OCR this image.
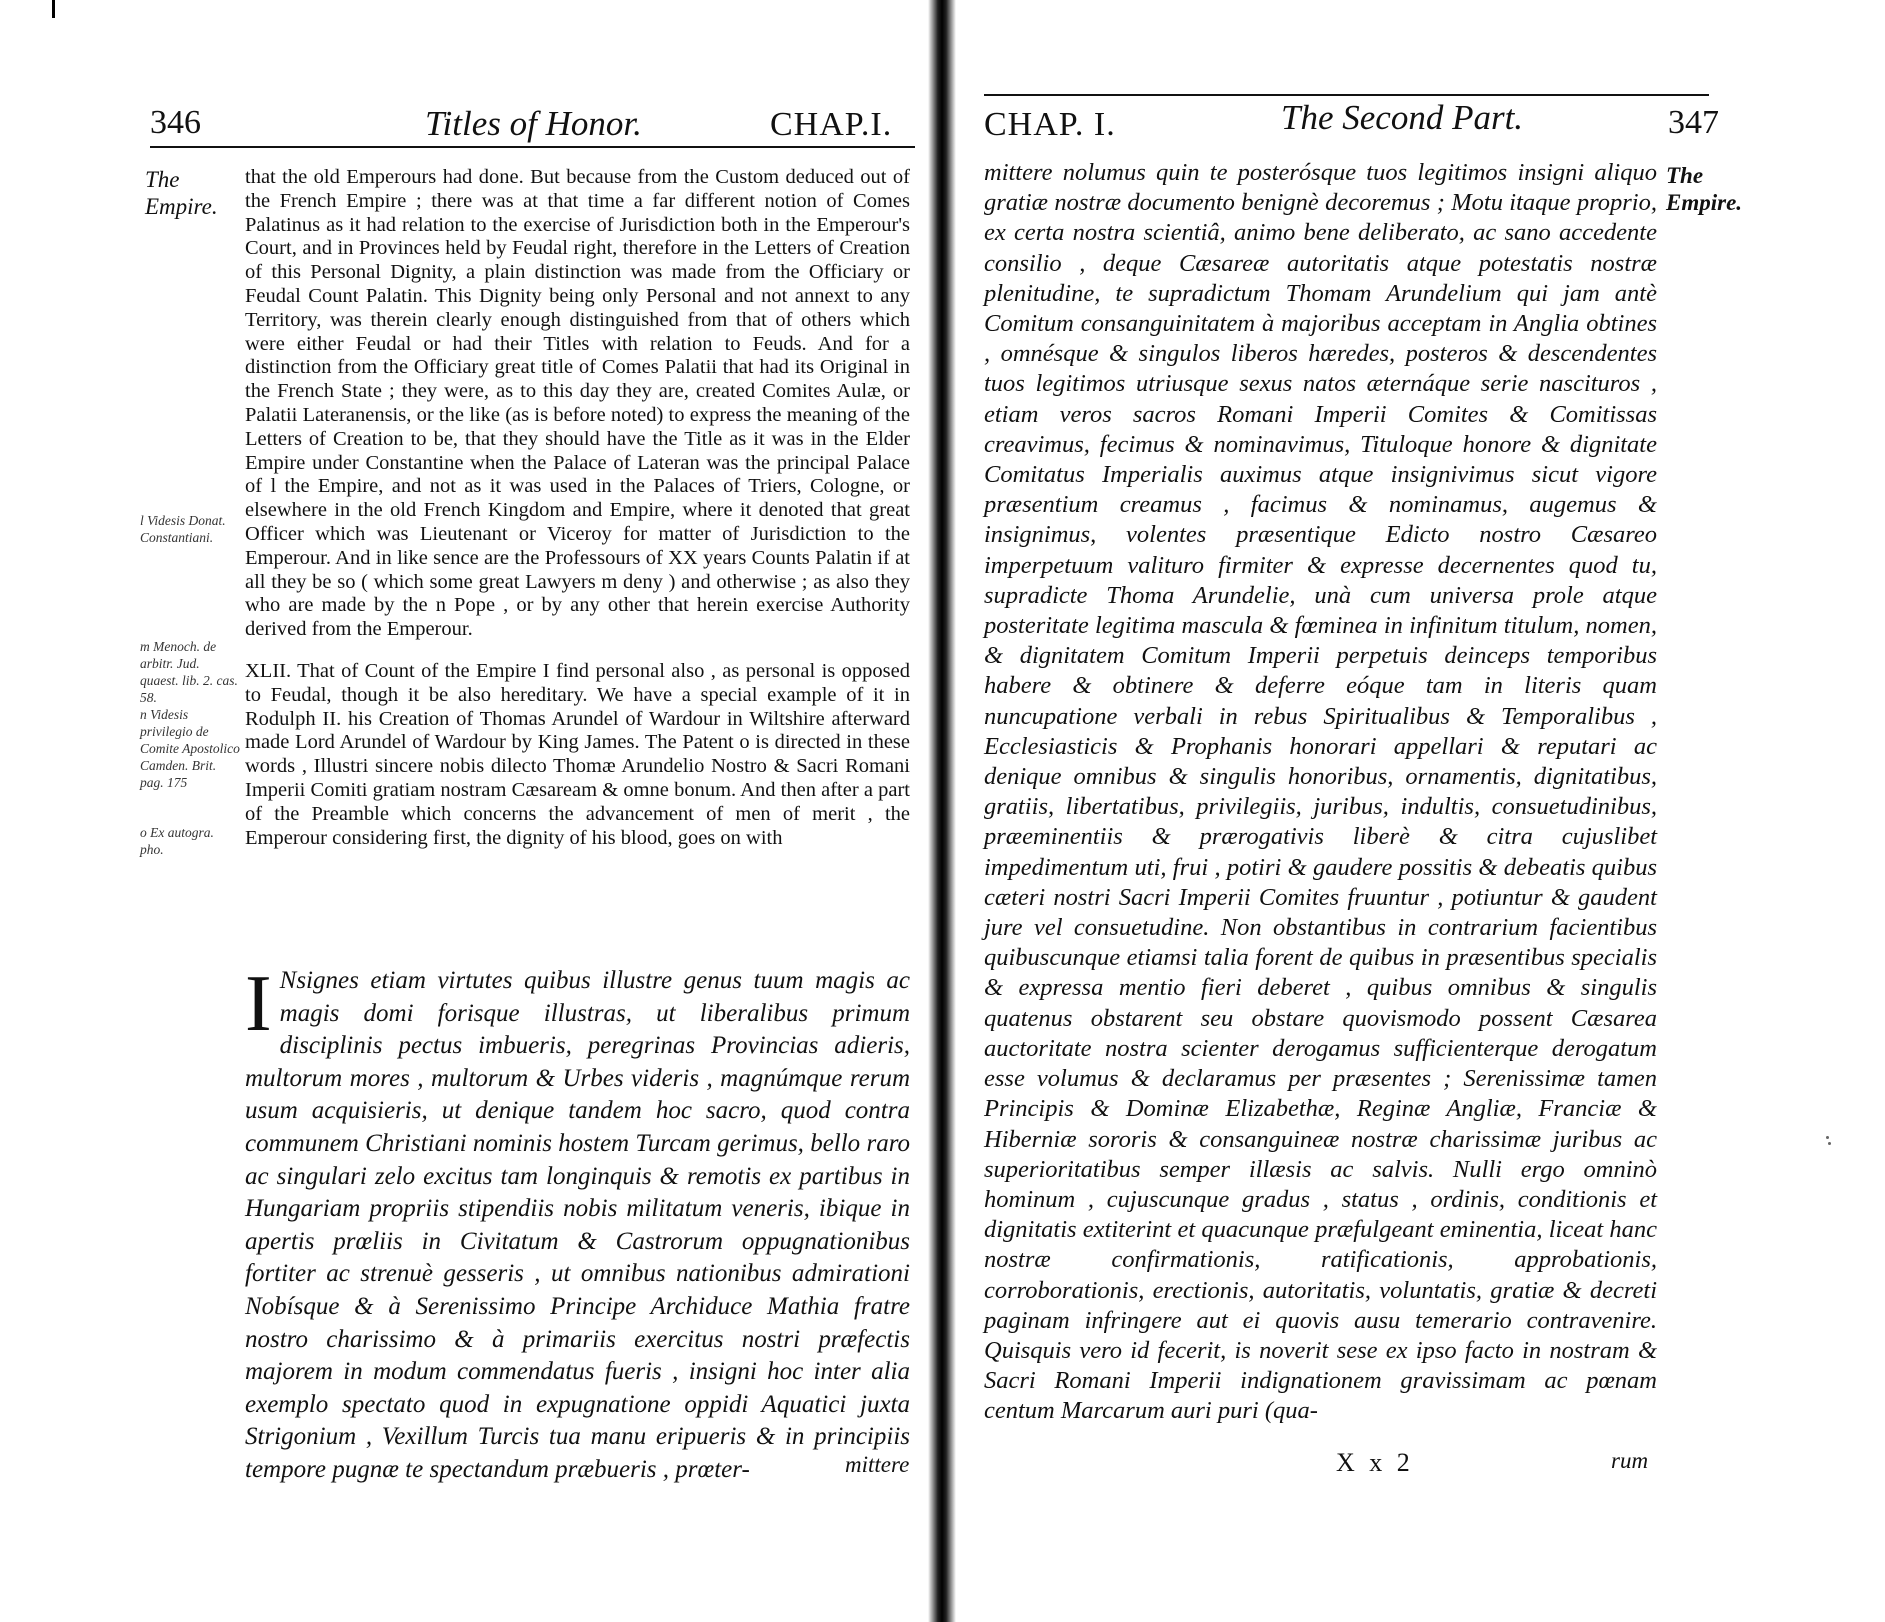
346	Titles of Honor.	CHAP.I.
The Empire.
l Videsis Donat. Constantiani.
m Menoch. de arbitr. Jud. quaest. lib. 2. cas. 58.
n Videsis privilegio de Comite Apostolico Camden. Brit. pag. 175
o Ex autogra. pho.

that the old Emperours had done. But because from the Custom deduced out of the French Empire ; there was at that time a far different notion of Comes Palatinus as it had relation to the exercise of Jurisdiction both in the Emperour's Court, and in Provinces held by Feudal right, therefore in the Letters of Creation of this Personal Dignity, a plain distinction was made from the Officiary or Feudal Count Palatin. This Dignity being only Personal and not annext to any Territory, was therein clearly enough distinguished from that of others which were either Feudal or had their Titles with relation to Feuds. And for a distinction from the Officiary great title of Comes Palatii that had its Original in the French State ; they were, as to this day they are, created Comites Aulæ, or Palatii Lateranensis, or the like (as is before noted) to express the meaning of the Letters of Creation to be, that they should have the Title as it was in the Elder Empire under Constantine when the Palace of Lateran was the principal Palace of l the Empire, and not as it was used in the Palaces of Triers, Cologne, or elsewhere in the old French Kingdom and Empire, where it denoted that great Officer which was Lieutenant or Viceroy for matter of Jurisdiction to the Emperour. And in like sence are the Professours of XX years Counts Palatin if at all they be so ( which some great Lawyers m deny ) and otherwise ; as also they who are made by the n Pope , or by any other that herein exercise Authority derived from the Emperour.

XLII. That of Count of the Empire I find personal also , as personal is opposed to Feudal, though it be also hereditary. We have a special example of it in Rodulph II. his Creation of Thomas Arundel of Wardour in Wiltshire afterward made Lord Arundel of Wardour by King James. The Patent o is directed in these words , Illustri sincere nobis dilecto Thomæ Arundelio Nostro & Sacri Romani Imperii Comiti gratiam nostram Cæsaream & omne bonum. And then after a part of the Preamble which concerns the advancement of men of merit , the Emperour considering first, the dignity of his blood, goes on with

I Nsignes etiam virtutes quibus illustre genus tuum magis ac magis domi forisque illustras, ut liberalibus primum disciplinis pectus imbueris, peregrinas Provincias adieris, multorum mores , multorum & Urbes videris , magnúmque rerum usum acquisieris, ut denique tandem hoc sacro, quod contra communem Christiani nominis hostem Turcam gerimus, bello raro ac singulari zelo excitus tam longinquis & remotis ex partibus in Hungariam propriis stipendiis nobis militatum veneris, ibique in apertis prœliis in Civitatum & Castrorum oppugnationibus fortiter ac strenuè gesseris , ut omnibus nationibus admirationi Nobísque & à Serenissimo Principe Archiduce Mathia fratre nostro charissimo & à primariis exercitus nostri præfectis majorem in modum commendatus fueris , insigni hoc inter alia exemplo spectato quod in expugnatione oppidi Aquatici juxta Strigonium , Vexillum Turcis tua manu eripueris & in principiis tempore pugnæ te spectandum præbueris , prœter-	mittere
CHAP. I.	The Second Part.	347
mittere nolumus quin te posterósque tuos legitimos insigni aliquo gratiæ nostræ documento benignè decoremus ; Motu itaque proprio, ex certa nostra scientiâ, animo bene deliberato, ac sano accedente consilio , deque Cæsareæ autoritatis atque potestatis nostræ plenitudine, te supradictum Thomam Arundelium qui jam antè Comitum consanguinitatem à majoribus acceptam in Anglia obtines , omnésque & singulos liberos hæredes, posteros & descendentes tuos legitimos utriusque sexus natos æternáque serie nascituros , etiam veros sacros Romani Imperii Comites & Comitissas creavimus, fecimus & nominavimus, Tituloque honore & dignitate Comitatus Imperialis auximus atque insignivimus sicut vigore præsentium creamus , facimus & nominamus, augemus & insignimus, volentes præsentique Edicto nostro Cæsareo imperpetuum valituro firmiter & expresse decernentes quod tu, supradicte Thoma Arundelie, unà cum universa prole atque posteritate legitima mascula & fœminea in infinitum titulum, nomen, & dignitatem Comitum Imperii perpetuis deinceps temporibus habere & obtinere & deferre eóque tam in literis quam nuncupatione verbali in rebus Spiritualibus & Temporalibus , Ecclesiasticis & Prophanis honorari appellari & reputari ac denique omnibus & singulis honoribus, ornamentis, dignitatibus, gratiis, libertatibus, privilegiis, juribus, indultis, consuetudinibus, præeminentiis & prærogativis liberè & citra cujuslibet impedimentum uti, frui , potiri & gaudere possitis & debeatis quibus cæteri nostri Sacri Imperii Comites fruuntur , potiuntur & gaudent jure vel consuetudine. Non obstantibus in contrarium facientibus quibuscunque etiamsi talia forent de quibus in præsentibus specialis & expressa mentio fieri deberet , quibus omnibus & singulis quatenus obstarent seu obstare quovismodo possent Cæsarea auctoritate nostra scienter derogamus sufficienterque derogatum esse volumus & declaramus per præsentes ; Serenissimæ tamen Principis & Dominæ Elizabethæ, Reginæ Angliæ, Franciæ & Hiberniæ sororis & consanguineæ nostræ charissimæ juribus ac superioritatibus semper illæsis ac salvis. Nulli ergo omninò hominum , cujuscunque gradus , status , ordinis, conditionis et dignitatis extiterint et quacunque præfulgeant eminentia, liceat hanc nostræ confirmationis, ratificationis, approbationis, corroborationis, erectionis, autoritatis, voluntatis, gratiæ & decreti paginam infringere aut ei quovis ausu temerario contravenire. Quisquis vero id fecerit, is noverit sese ex ipso facto in nostram & Sacri Romani Imperii indignationem gravissimam ac pœnam centum Marcarum auri puri (qua-
The Empire.
X x 2	rum
